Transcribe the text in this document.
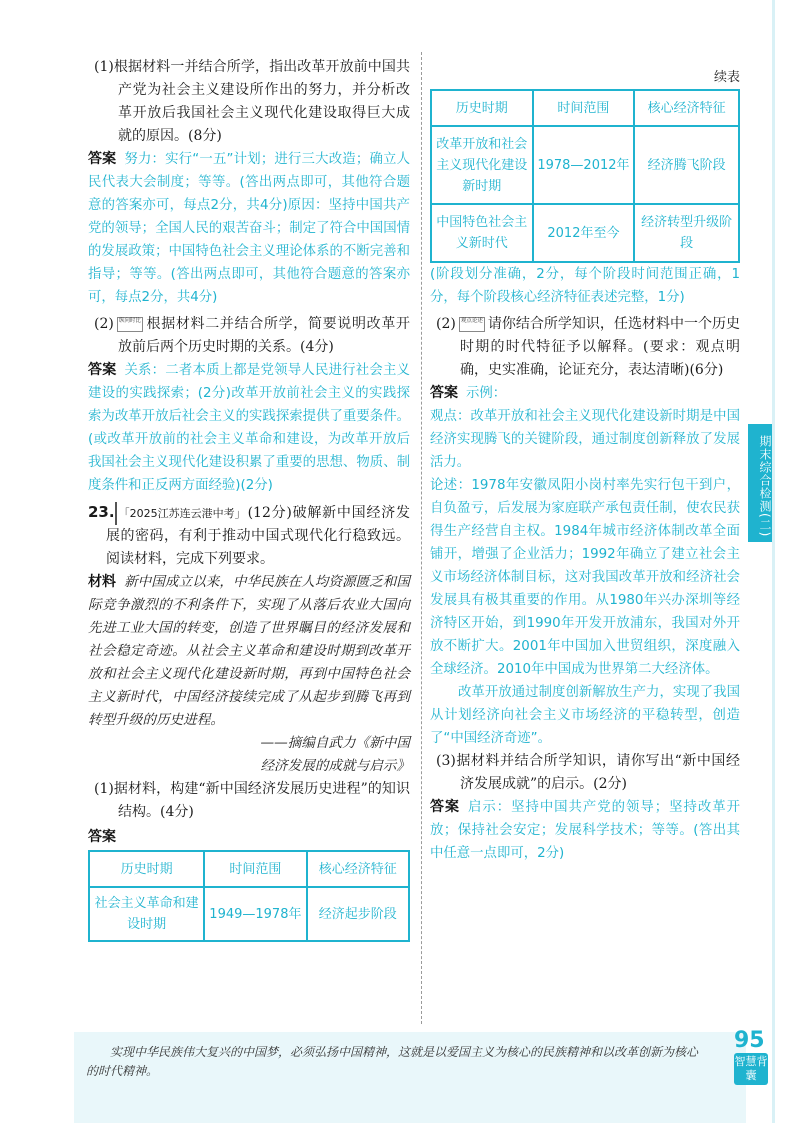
(1)根据材料一并结合所学，指出改革开放前中国共产党为社会主义建设所作出的努力，并分析改革开放后我国社会主义现代化建设取得巨大成就的原因。(8分)

答案 努力：实行“一五”计划；进行三大改造；确立人民代表大会制度；等等。(答出两点即可，其他符合题意的答案亦可，每点2分，共4分)原因：坚持中国共产党的领导；全国人民的艰苦奋斗；制定了符合中国国情的发展政策；中国特色社会主义理论体系的不断完善和指导；等等。(答出两点即可，其他符合题意的答案亦可，每点2分，共4分)

(2) 纵向时比 根据材料二并结合所学，简要说明改革开放前后两个历史时期的关系。(4分)

答案 关系：二者本质上都是党领导人民进行社会主义建设的实践探索；(2分)改革开放前社会主义的实践探索为改革开放后社会主义的实践探索提供了重要条件。(或改革开放前的社会主义革命和建设，为改革开放后我国社会主义现代化建设积累了重要的思想、物质、制度条件和正反两方面经验)(2分)

23. 「2025江苏连云港中考」 (12分)破解新中国经济发展的密码，有利于推动中国式现代化行稳致远。阅读材料，完成下列要求。

材料 新中国成立以来，中华民族在人均资源匮乏和国际竞争激烈的不利条件下，实现了从落后农业大国向先进工业大国的转变，创造了世界瞩目的经济发展和社会稳定奇迹。从社会主义革命和建设时期到改革开放和社会主义现代化建设新时期，再到中国特色社会主义新时代，中国经济接续完成了从起步到腾飞再到转型升级的历史进程。

——摘编自武力《新中国

经济发展的成就与启示》

(1)据材料，构建“新中国经济发展历史进程”的知识结构。(4分)

答案

历史时期	时间范围	核心经济特征
社会主义革命和建设时期	1949—1978年	经济起步阶段

续表

历史时期	时间范围	核心经济特征
改革开放和社会主义现代化建设新时期	1978—2012年	经济腾飞阶段
中国特色社会主义新时代	2012年至今	经济转型升级阶段

(阶段划分准确，2分，每个阶段时间范围正确，1分，每个阶段核心经济特征表述完整，1分)

(2) 观点论述 请你结合所学知识，任选材料中一个历史时期的时代特征予以解释。(要求：观点明确，史实准确，论证充分，表达清晰)(6分)

答案 示例：

观点：改革开放和社会主义现代化建设新时期是中国经济实现腾飞的关键阶段，通过制度创新释放了发展活力。

论述：1978年安徽凤阳小岗村率先实行包干到户，自负盈亏，后发展为家庭联产承包责任制，使农民获得生产经营自主权。1984年城市经济体制改革全面铺开，增强了企业活力；1992年确立了建立社会主义市场经济体制目标，这对我国改革开放和经济社会发展具有极其重要的作用。从1980年兴办深圳等经济特区开始，到1990年开发开放浦东，我国对外开放不断扩大。2001年中国加入世贸组织，深度融入全球经济。2010年中国成为世界第二大经济体。

改革开放通过制度创新解放生产力，实现了我国从计划经济向社会主义市场经济的平稳转型，创造了“中国经济奇迹”。

(3)据材料并结合所学知识，请你写出“新中国经济发展成就”的启示。(2分)

答案 启示：坚持中国共产党的领导；坚持改革开放；保持社会安定；发展科学技术；等等。(答出其中任意一点即可，2分)

期末综合检测(二)

实现中华民族伟大复兴的中国梦，必须弘扬中国精神，这就是以爱国主义为核心的民族精神和以改革创新为核心的时代精神。

95
智慧背囊
